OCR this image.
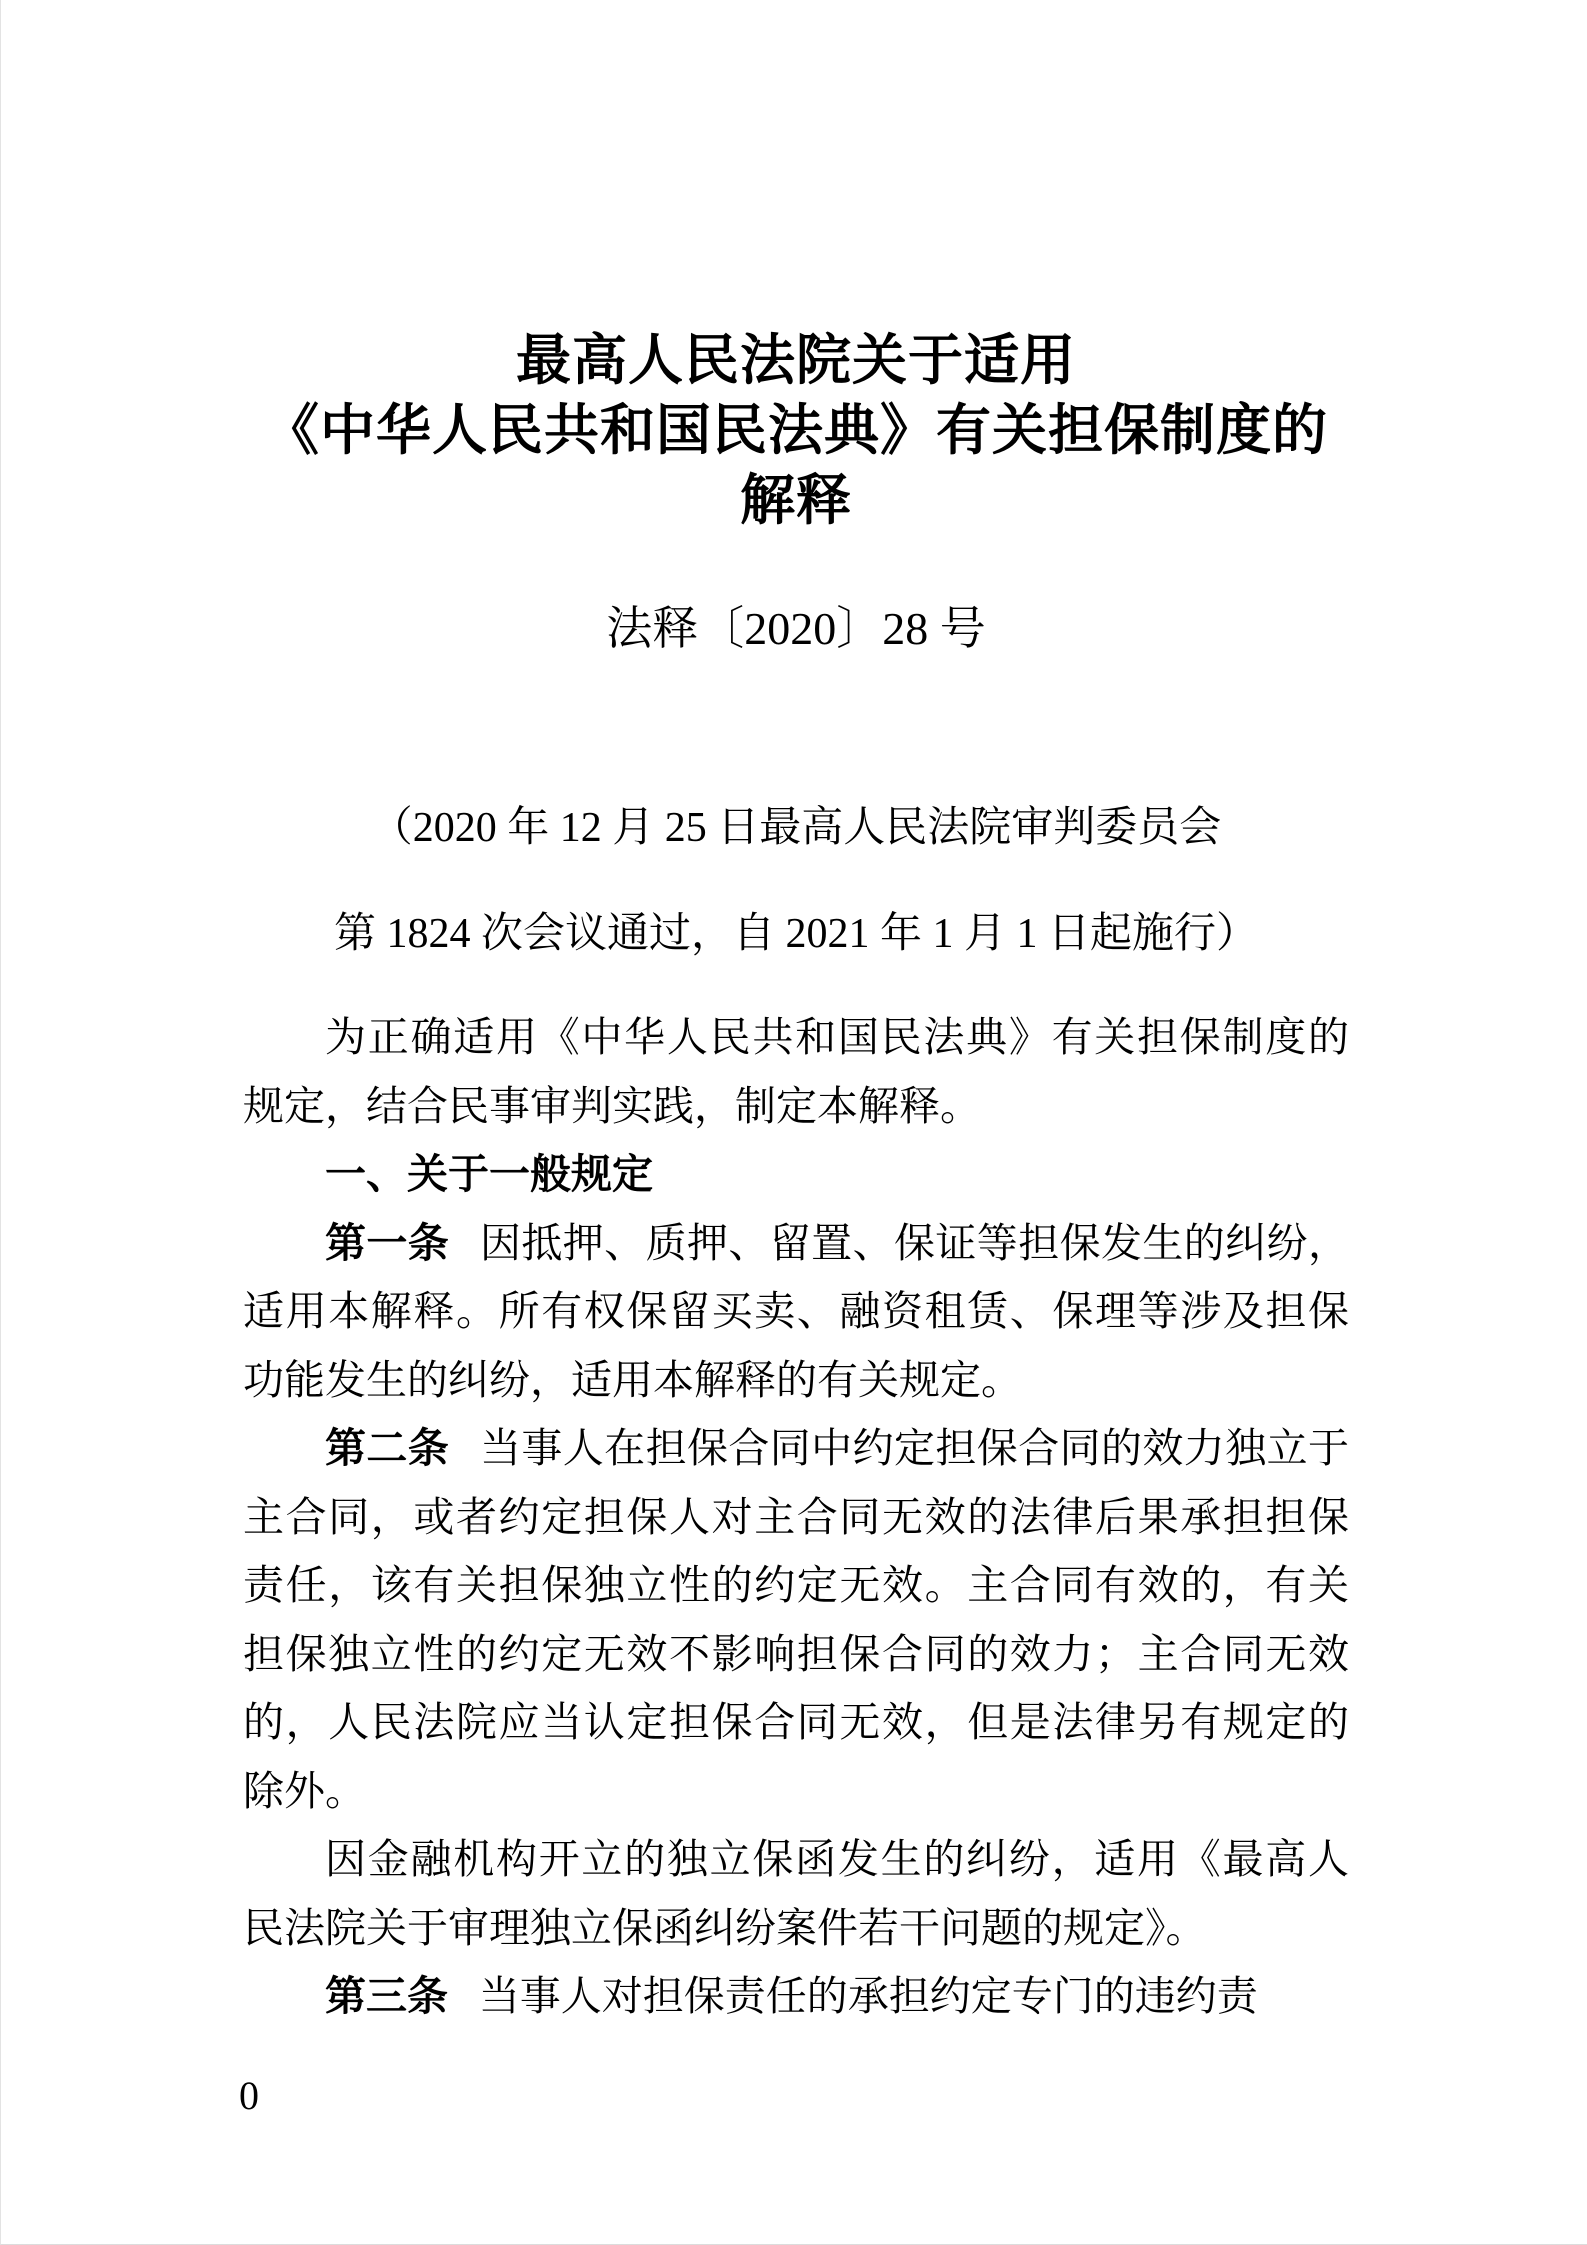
最高人民法院关于适用
《中华人民共和国民法典》有关担保制度的
解释
法释〔2020〕28 号
（2020 年 12 月 25 日最高人民法院审判委员会
第 1824 次会议通过，自 2021 年 1 月 1 日起施行）

为正确适用《中华人民共和国民法典》有关担保制度的规定，结合民事审判实践，制定本解释。

一、关于一般规定

第一条 因抵押、质押、留置、保证等担保发生的纠纷，适用本解释。所有权保留买卖、融资租赁、保理等涉及担保功能发生的纠纷，适用本解释的有关规定。

第二条 当事人在担保合同中约定担保合同的效力独立于主合同，或者约定担保人对主合同无效的法律后果承担担保责任，该有关担保独立性的约定无效。主合同有效的，有关担保独立性的约定无效不影响担保合同的效力；主合同无效的，人民法院应当认定担保合同无效，但是法律另有规定的除外。

因金融机构开立的独立保函发生的纠纷，适用《最高人民法院关于审理独立保函纠纷案件若干问题的规定》。

第三条 当事人对担保责任的承担约定专门的违约责

0
